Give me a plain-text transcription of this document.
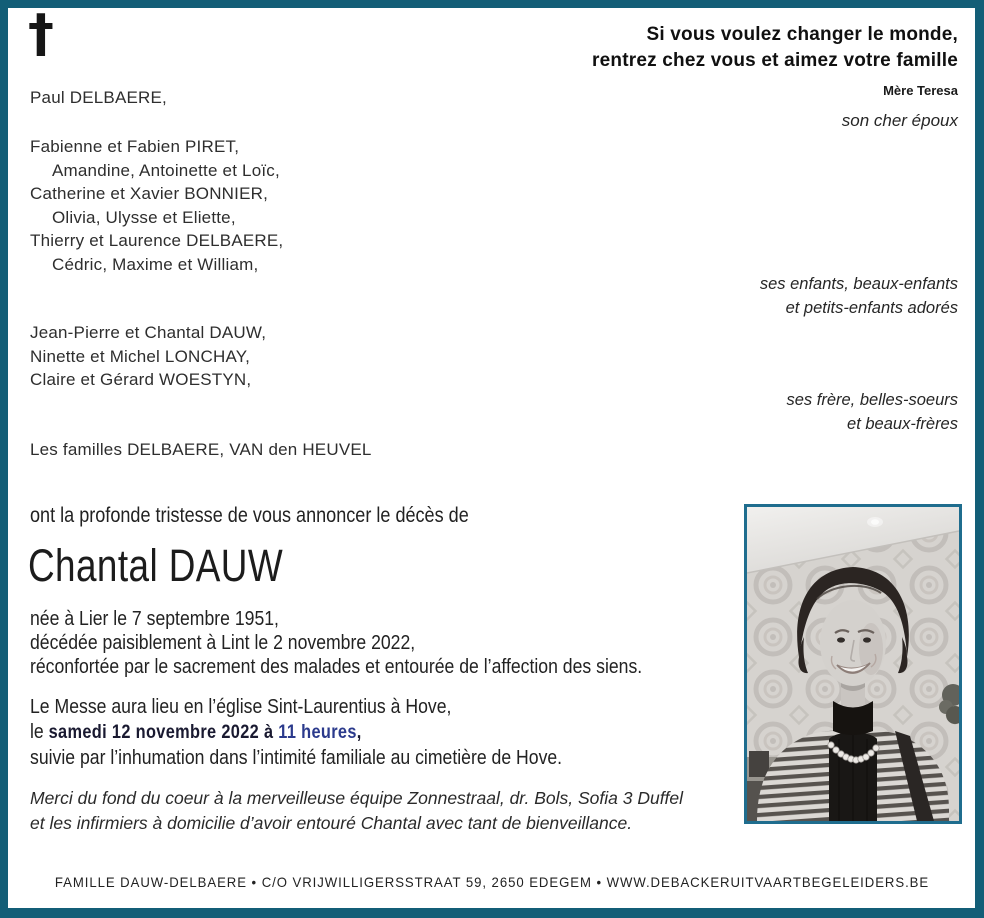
†	Si vous voulez changer le monde,
rentrez chez vous et aimez votre famille
Mère Teresa
son cher époux
Paul DELBAERE,
Fabienne et Fabien PIRET,
Amandine, Antoinette et Loïc,
Catherine et Xavier BONNIER,
Olivia, Ulysse et Eliette,
Thierry et Laurence DELBAERE,
Cédric, Maxime et William,
ses enfants, beaux-enfants
et petits-enfants adorés
Jean-Pierre et Chantal DAUW,
Ninette et Michel LONCHAY,
Claire et Gérard WOESTYN,
ses frère, belles-soeurs
et beaux-frères
Les familles DELBAERE, VAN den HEUVEL
ont la profonde tristesse de vous annoncer le décès de
Chantal DAUW
née à Lier le 7 septembre 1951,
décédée paisiblement à Lint le 2 novembre 2022,
réconfortée par le sacrement des malades et entourée de l’affection des siens.
Le Messe aura lieu en l’église Sint-Laurentius à Hove,
le samedi 12 novembre 2022 à 11 heures,
suivie par l’inhumation dans l’intimité familiale au cimetière de Hove.
Merci du fond du coeur à la merveilleuse équipe Zonnestraal, dr. Bols, Sofia 3 Duffel
et les infirmiers à domicilie d’avoir entouré Chantal avec tant de bienveillance.
FAMILLE DAUW-DELBAERE • C/O VRIJWILLIGERSSTRAAT 59, 2650 EDEGEM • WWW.DEBACKERUITVAARTBEGELEIDERS.BE
